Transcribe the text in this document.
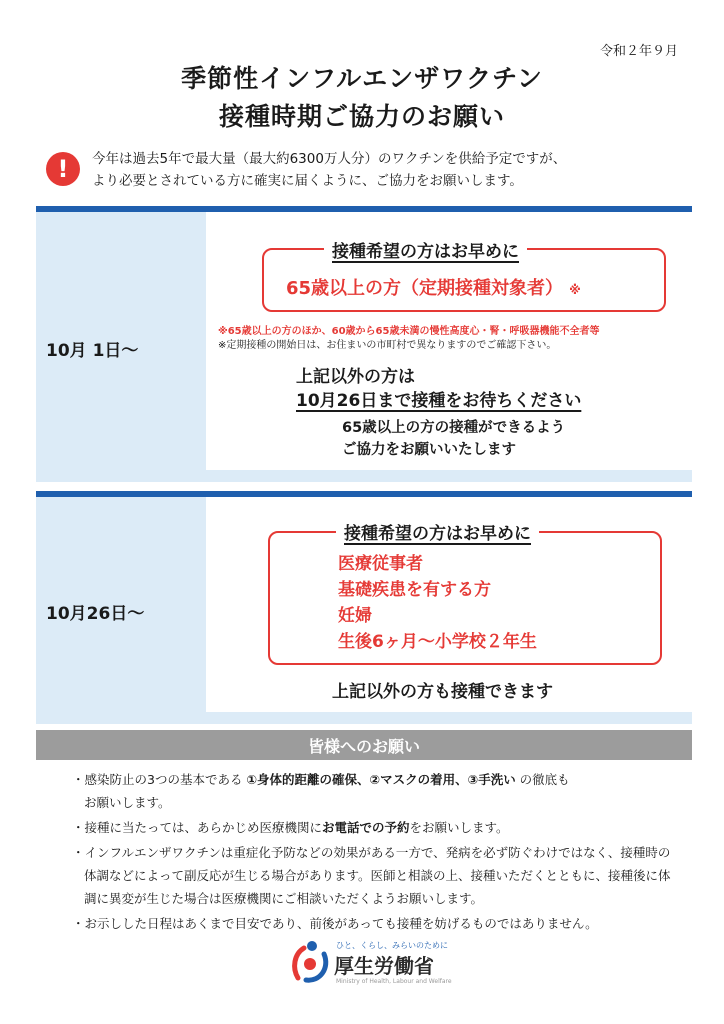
令和２年９月
季節性インフルエンザワクチン
接種時期ご協力のお願い
!	今年は過去5年で最大量（最大約6300万人分）のワクチンを供給予定ですが、
より必要とされている方に確実に届くように、ご協力をお願いします。
10月 1日～
接種希望の方はお早めに
65歳以上の方（定期接種対象者） ※
※65歳以上の方のほか、60歳から65歳未満の慢性高度心・腎・呼吸器機能不全者等
※定期接種の開始日は、お住まいの市町村で異なりますのでご確認下さい。
上記以外の方は
10月26日まで接種をお待ちください
65歳以上の方の接種ができるよう
ご協力をお願いいたします
10月26日～
接種希望の方はお早めに
医療従事者
基礎疾患を有する方
妊婦
生後6ヶ月～小学校２年生
上記以外の方も接種できます
皆様へのお願い

・感染防止の3つの基本である ①身体的距離の確保、②マスクの着用、③手洗い の徹底も
お願いします。

・接種に当たっては、あらかじめ医療機関にお電話での予約をお願いします。

・インフルエンザワクチンは重症化予防などの効果がある一方で、発病を必ず防ぐわけではなく、接種時の
体調などによって副反応が生じる場合があります。医師と相談の上、接種いただくとともに、接種後に体
調に異変が生じた場合は医療機関にご相談いただくようお願いします。

・お示しした日程はあくまで目安であり、前後があっても接種を妨げるものではありません。

ひと、くらし、みらいのために
厚生労働省
Ministry of Health, Labour and Welfare
